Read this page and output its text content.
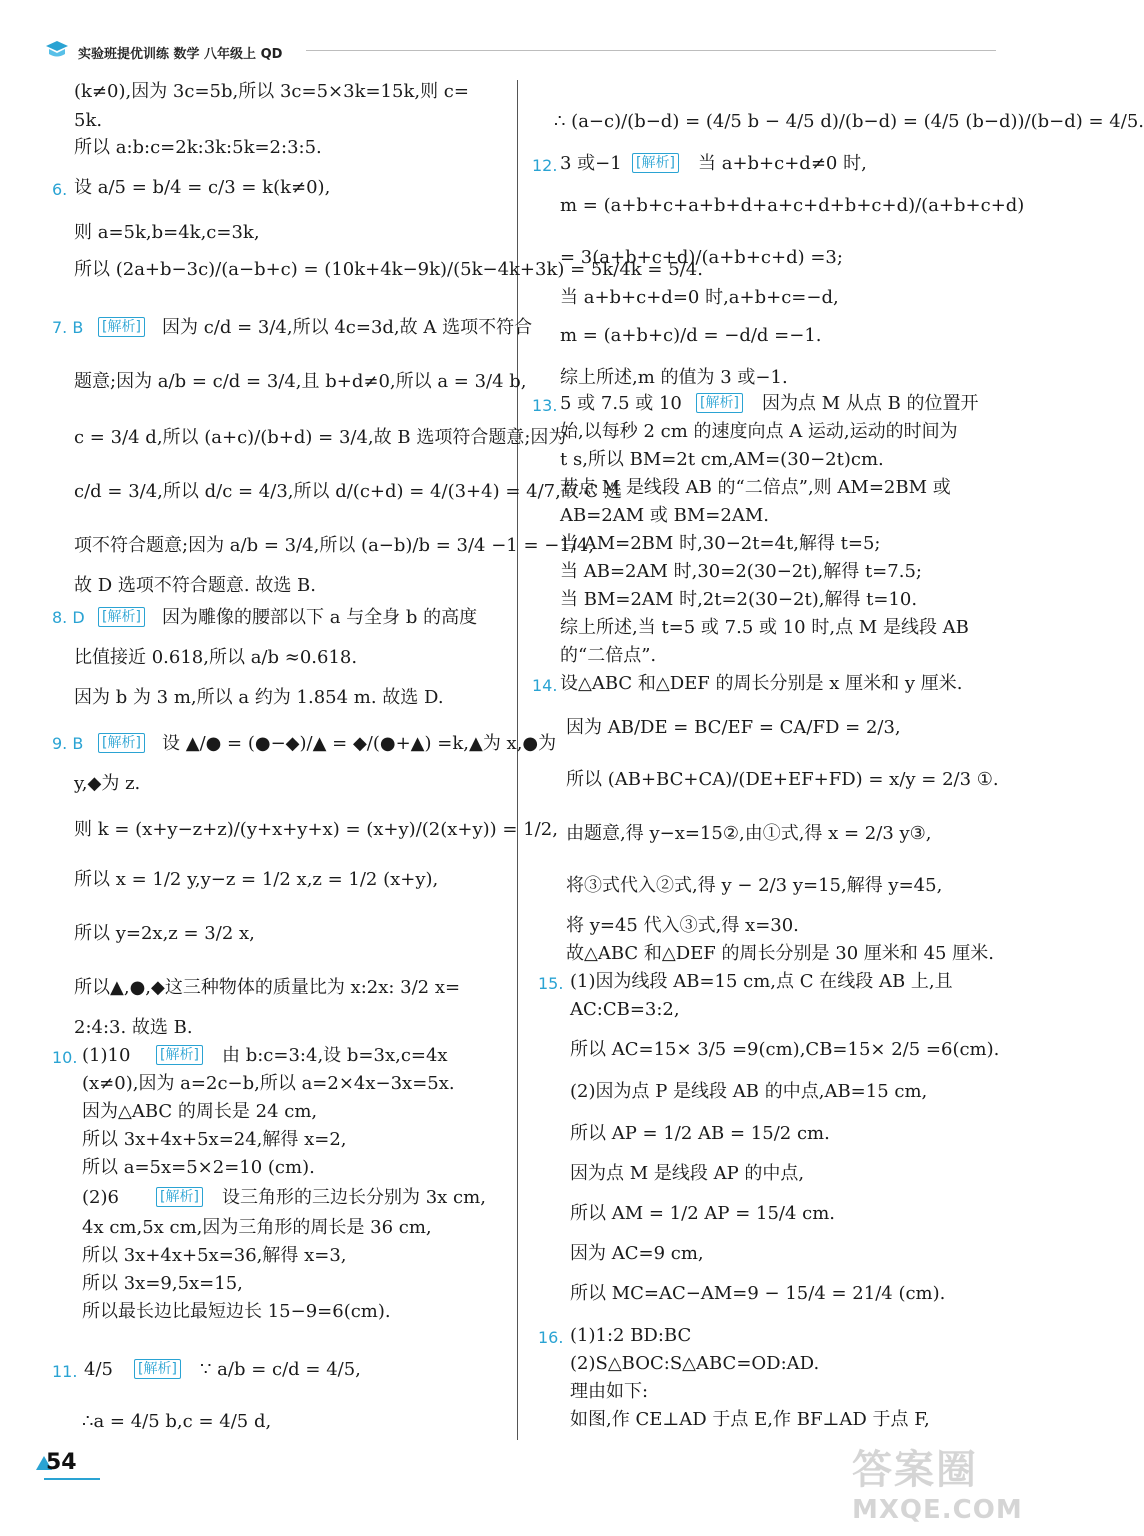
实验班提优训练 数学 八年级上 QD
(k≠0),因为 3c=5b,所以 3c=5×3k=15k,则 c=
5k.
所以 a:b:c=2k:3k:5k=2:3:5.
6. 设 a/5 = b/4 = c/3 = k(k≠0),
则 a=5k,b=4k,c=3k,
所以 (2a+b−3c)/(a−b+c) = (10k+4k−9k)/(5k−4k+3k) = 5k/4k = 5/4.
7. B	[解析]	因为 c/d = 3/4,所以 4c=3d,故 A 选项不符合
题意;因为 a/b = c/d = 3/4,且 b+d≠0,所以 a = 3/4 b,
c = 3/4 d,所以 (a+c)/(b+d) = 3/4,故 B 选项符合题意;因为
c/d = 3/4,所以 d/c = 4/3,所以 d/(c+d) = 4/(3+4) = 4/7,故 C 选
项不符合题意;因为 a/b = 3/4,所以 (a−b)/b = 3/4 −1 = −1/4,
故 D 选项不符合题意. 故选 B.
8. D	[解析]	因为雕像的腰部以下 a 与全身 b 的高度
比值接近 0.618,所以 a/b ≈0.618.
因为 b 为 3 m,所以 a 约为 1.854 m. 故选 D.
9. B	[解析]	设 ▲/● = (●−◆)/▲ = ◆/(●+▲) =k,▲为 x,●为
y,◆为 z.
则 k = (x+y−z+z)/(y+x+y+x) = (x+y)/(2(x+y)) = 1/2,
所以 x = 1/2 y,y−z = 1/2 x,z = 1/2 (x+y),
所以 y=2x,z = 3/2 x,
所以▲,●,◆这三种物体的质量比为 x:2x: 3/2 x=
2:4:3. 故选 B.
10. (1)10	[解析]	由 b:c=3:4,设 b=3x,c=4x
(x≠0),因为 a=2c−b,所以 a=2×4x−3x=5x.
因为△ABC 的周长是 24 cm,
所以 3x+4x+5x=24,解得 x=2,
所以 a=5x=5×2=10 (cm).
(2)6	[解析]	设三角形的三边长分别为 3x cm,
4x cm,5x cm,因为三角形的周长是 36 cm,
所以 3x+4x+5x=36,解得 x=3,
所以 3x=9,5x=15,
所以最长边比最短边长 15−9=6(cm).
11. 4/5	[解析]	∵ a/b = c/d = 4/5,
∴a = 4/5 b,c = 4/5 d,
∴ (a−c)/(b−d) = (4/5 b − 4/5 d)/(b−d) = (4/5 (b−d))/(b−d) = 4/5.
12. 3 或−1	[解析]	当 a+b+c+d≠0 时,
m = (a+b+c+a+b+d+a+c+d+b+c+d)/(a+b+c+d)
= 3(a+b+c+d)/(a+b+c+d) =3;
当 a+b+c+d=0 时,a+b+c=−d,
m = (a+b+c)/d = −d/d =−1.
综上所述,m 的值为 3 或−1.
13. 5 或 7.5 或 10	[解析]	因为点 M 从点 B 的位置开
始,以每秒 2 cm 的速度向点 A 运动,运动的时间为
t s,所以 BM=2t cm,AM=(30−2t)cm.
若点 M 是线段 AB 的“二倍点”,则 AM=2BM 或
AB=2AM 或 BM=2AM.
当 AM=2BM 时,30−2t=4t,解得 t=5;
当 AB=2AM 时,30=2(30−2t),解得 t=7.5;
当 BM=2AM 时,2t=2(30−2t),解得 t=10.
综上所述,当 t=5 或 7.5 或 10 时,点 M 是线段 AB
的“二倍点”.
14. 设△ABC 和△DEF 的周长分别是 x 厘米和 y 厘米.
因为 AB/DE = BC/EF = CA/FD = 2/3,
所以 (AB+BC+CA)/(DE+EF+FD) = x/y = 2/3 ①.
由题意,得 y−x=15②,由①式,得 x = 2/3 y③,
将③式代入②式,得 y − 2/3 y=15,解得 y=45,
将 y=45 代入③式,得 x=30.
故△ABC 和△DEF 的周长分别是 30 厘米和 45 厘米.
15. (1)因为线段 AB=15 cm,点 C 在线段 AB 上,且
AC:CB=3:2,
所以 AC=15× 3/5 =9(cm),CB=15× 2/5 =6(cm).
(2)因为点 P 是线段 AB 的中点,AB=15 cm,
所以 AP = 1/2 AB = 15/2 cm.
因为点 M 是线段 AP 的中点,
所以 AM = 1/2 AP = 15/4 cm.
因为 AC=9 cm,
所以 MC=AC−AM=9 − 15/4 = 21/4 (cm).
16. (1)1:2 BD:BC
(2)S△BOC:S△ABC=OD:AD.
理由如下:
如图,作 CE⊥AD 于点 E,作 BF⊥AD 于点 F,
54	答案圈
MXQE.COM
